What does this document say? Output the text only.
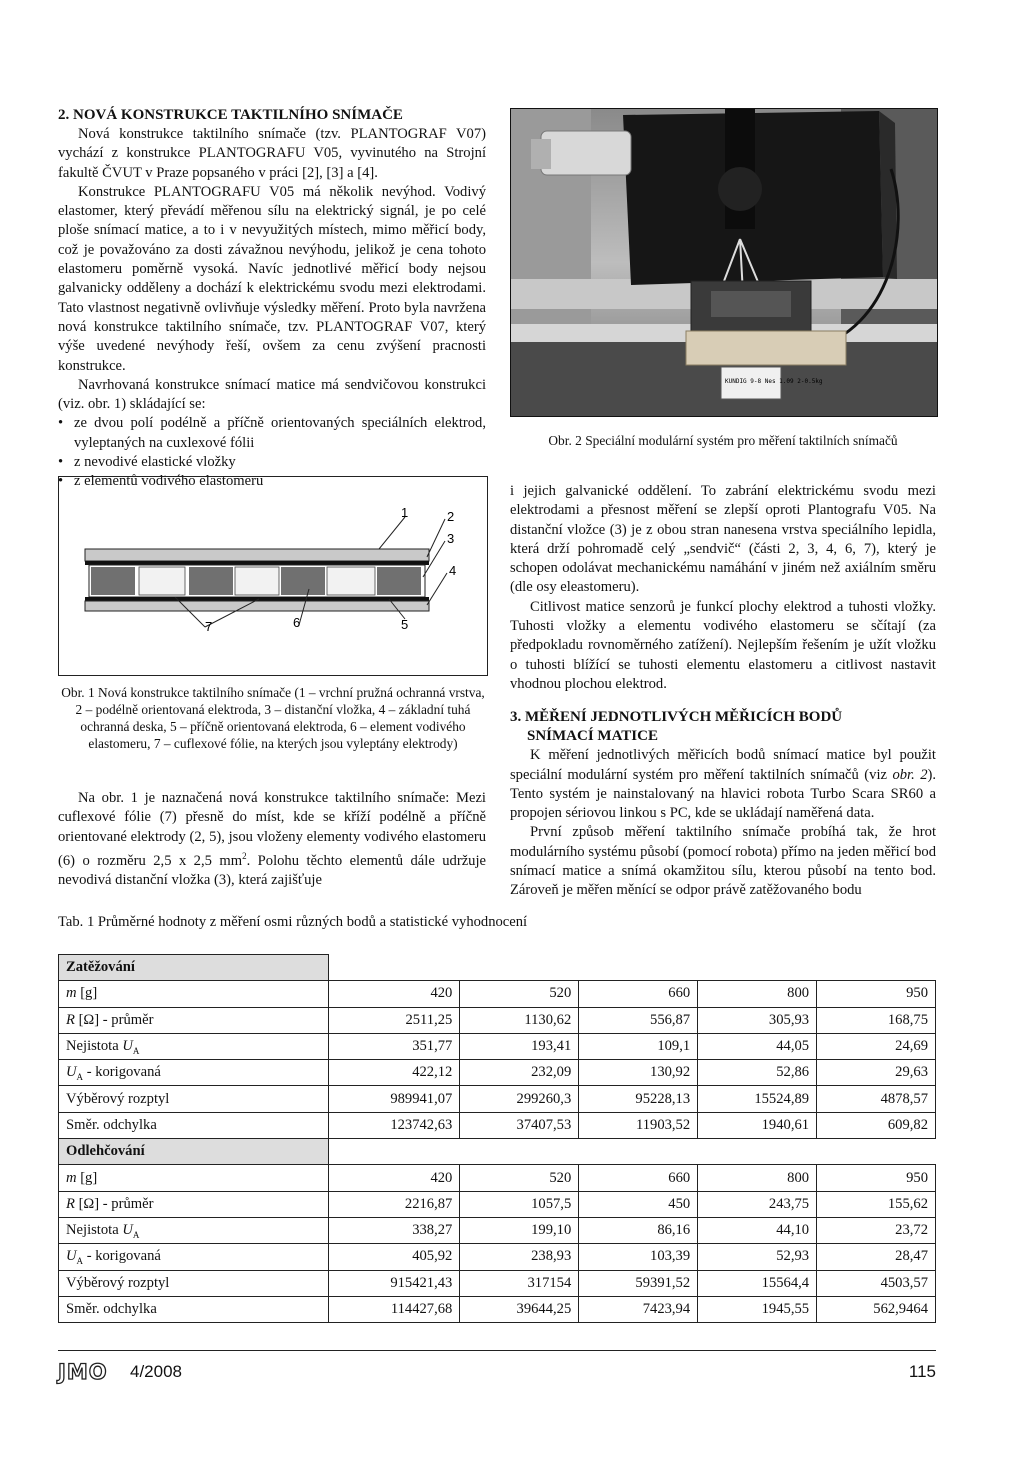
2. NOVÁ KONSTRUKCE TAKTILNÍHO SNÍMAČE

Nová konstrukce taktilního snímače (tzv. PLANTOGRAF V07) vychází z konstrukce PLANTOGRAFU V05, vyvinutého na Strojní fakultě ČVUT v Praze popsaného v práci [2], [3] a [4].

Konstrukce PLANTOGRAFU V05 má několik nevýhod. Vodivý elastomer, který převádí měřenou sílu na elektrický signál, je po celé ploše snímací matice, a to i v nevyužitých místech, mimo měřicí body, což je považováno za dosti závažnou nevýhodu, jelikož je cena tohoto elastomeru poměrně vysoká. Navíc jednotlivé měřicí body nejsou galvanicky odděleny a dochází k elektrickému svodu mezi elektrodami. Tato vlastnost negativně ovlivňuje výsledky měření. Proto byla navržena nová konstrukce taktilního snímače, tzv. PLANTOGRAF V07, který výše uvedené nevýhody řeší, ovšem za cenu zvýšení pracnosti konstrukce.

Navrhovaná konstrukce snímací matice má sendvičovou konstrukci (viz. obr. 1) skládající se:

• ze dvou polí podélně a příčně orientovaných speciálních elektrod, vyleptaných na cuxlexové fólii
• z nevodivé elastické vložky
• z elementů vodivého elastomeru
1	2
3
4
5
6
7
Obr. 1 Nová konstrukce taktilního snímače (1 – vrchní pružná ochranná vrstva, 2 – podélně orientovaná elektroda, 3 – distanční vložka, 4 – základní tuhá ochranná deska, 5 – příčně orientovaná elektroda, 6 – element vodivého elastomeru, 7 – cuflexové fólie, na kterých jsou vyleptány elektrody)

Na obr. 1 je naznačená nová konstrukce taktilního snímače: Mezi cuflexové fólie (7) přesně do míst, kde se kříží podélně a příčně orientované elektrody (2, 5), jsou vloženy elementy vodivého elastomeru (6) o rozměru 2,5 x 2,5 $mm^2$. Polohu těchto elementů dále udržuje nevodivá distanční vložka (3), která zajišťuje

KUNDIG 9-8 Nes 1.09 2-0.5kg
Obr. 2 Speciální modulární systém pro měření taktilních snímačů

i jejich galvanické oddělení. To zabrání elektrickému svodu mezi elektrodami a přesnost měření se zlepší oproti Plantografu V05. Na distanční vložce (3) je z obou stran nanesena vrstva speciálního lepidla, která drží pohromadě celý „sendvič“ (části 2, 3, 4, 6, 7), který je schopen odolávat mechanickému namáhání v jiném než axiálním směru (dle osy eleastomeru).

Citlivost matice senzorů je funkcí plochy elektrod a tuhosti vložky. Tuhosti vložky a elementu vodivého elastomeru se sčítají (za předpokladu rovnoměrného zatížení). Nejlepším řešením je užít vložku o tuhosti blížící se tuhosti elementu elastomeru a citlivost nastavit vhodnou plochou elektrod.

3. MĚŘENÍ JEDNOTLIVÝCH MĚŘICÍCH BODŮ
SNÍMACÍ MATICE

K měření jednotlivých měřicích bodů snímací matice byl použit speciální modulární systém pro měření taktilních snímačů (viz obr. 2). Tento systém je nainstalovaný na hlavici robota Turbo Scara SR60 a propojen sériovou linkou s PC, kde se ukládají naměřená data.

První způsob měření taktilního snímače probíhá tak, že hrot modulárního systému působí (pomocí robota) přímo na jeden měřicí bod snímací matice a snímá okamžitou sílu, kterou působí na tento bod. Zároveň je měřen měnící se odpor právě zatěžovaného bodu

Tab. 1 Průměrné hodnoty z měření osmi různých bodů a statistické vyhodnocení
Zatěžování					
m [g]	420	520	660	800	950
R [Ω] - průměr	2511,25	1130,62	556,87	305,93	168,75
Nejistota $U_A$	351,77	193,41	109,1	44,05	24,69
$U_A$ - korigovaná	422,12	232,09	130,92	52,86	29,63
Výběrový rozptyl	989941,07	299260,3	95228,13	15524,89	4878,57
Směr. odchylka	123742,63	37407,53	11903,52	1940,61	609,82
Odlehčování					
m [g]	420	520	660	800	950
R [Ω] - průměr	2216,87	1057,5	450	243,75	155,62
Nejistota $U_A$	338,27	199,10	86,16	44,10	23,72
$U_A$ - korigovaná	405,92	238,93	103,39	52,93	28,47
Výběrový rozptyl	915421,43	317154	59391,52	15564,4	4503,57
Směr. odchylka	114427,68	39644,25	7423,94	1945,55	562,9464
JMO 4/2008	115
